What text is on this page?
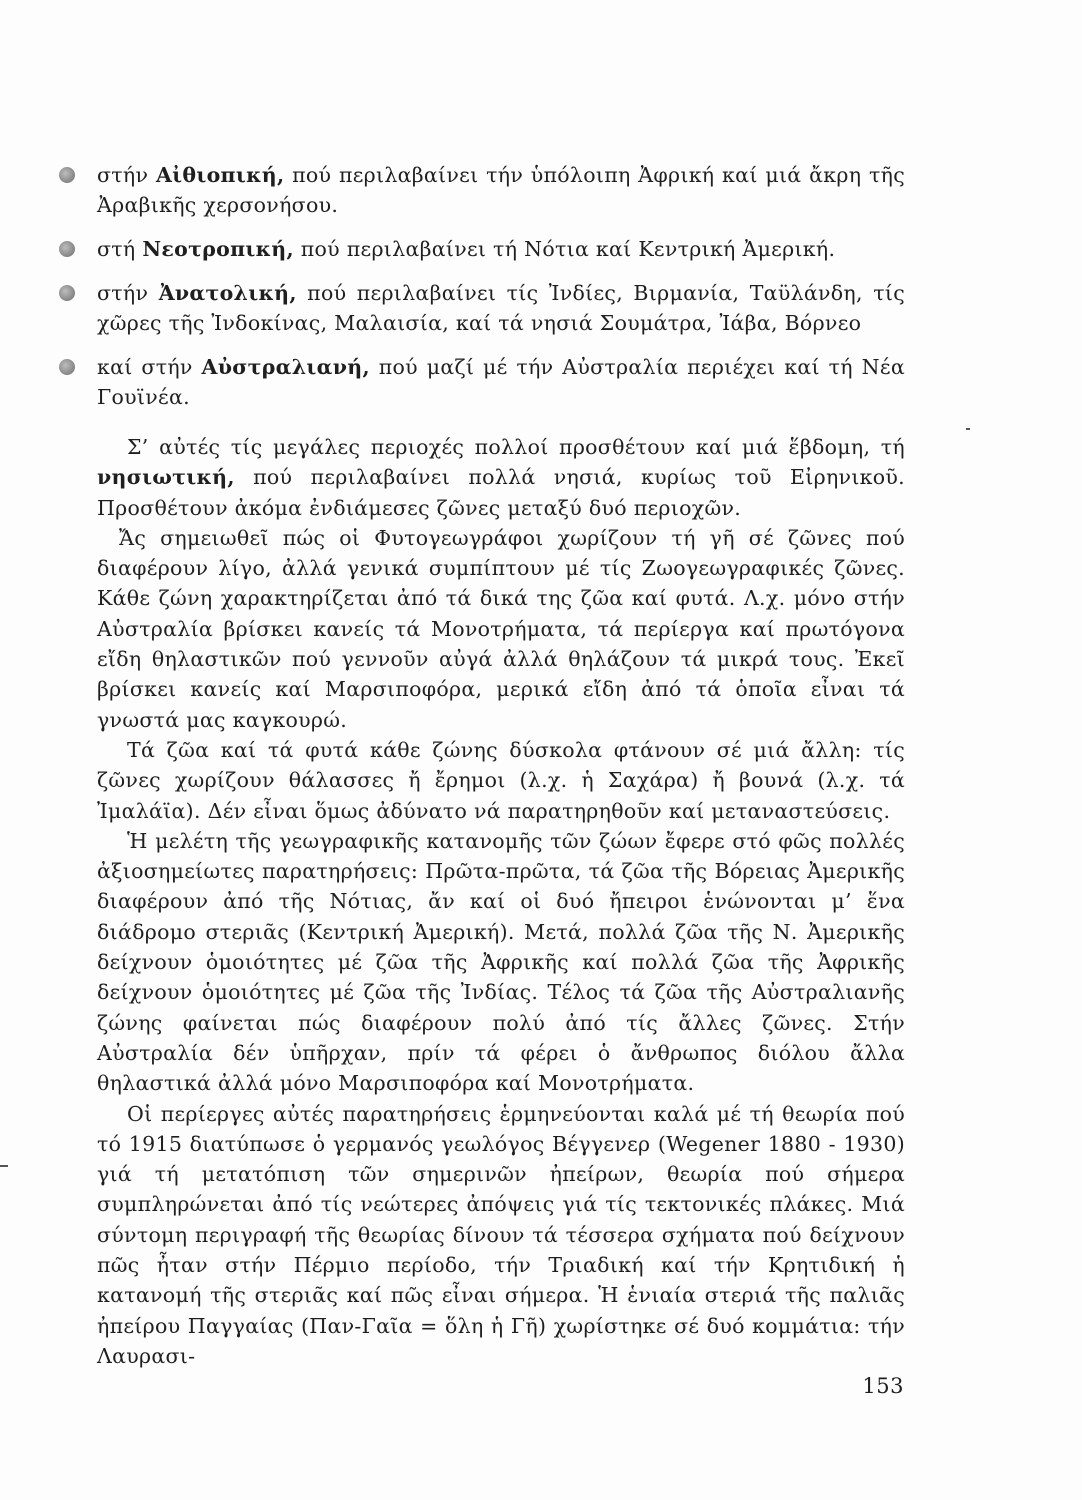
στήν Αἰθιοπική, πού περιλαβαίνει τήν ὑπόλοιπη Ἀφρική καί μιά ἄκρη τῆς Ἀραβικῆς χερσονήσου.

στή Νεοτροπική, πού περιλαβαίνει τή Νότια καί Κεντρική Ἀμερική.

στήν Ἀνατολική, πού περιλαβαίνει τίς Ἰνδίες, Βιρμανία, Ταϋλάνδη, τίς χῶρες τῆς Ἰνδοκίνας, Μαλαισία, καί τά νησιά Σουμάτρα, Ἰάβα, Βόρνεο

καί στήν Αὐστραλιανή, πού μαζί μέ τήν Αὐστραλία περιέχει καί τή Νέα Γουϊνέα.

Σ’ αὐτές τίς μεγάλες περιοχές πολλοί προσθέτουν καί μιά ἕβδομη, τή νησιωτική, πού περιλαβαίνει πολλά νησιά, κυρίως τοῦ Εἰρηνικοῦ. Προσθέτουν ἀκόμα ἐνδιάμεσες ζῶνες μεταξύ δυό περιοχῶν.

Ἄς σημειωθεῖ πώς οἱ Φυτογεωγράφοι χωρίζουν τή γῆ σέ ζῶνες πού διαφέρουν λίγο, ἀλλά γενικά συμπίπτουν μέ τίς Ζωογεωγραφικές ζῶνες. Κάθε ζώνη χαρακτηρίζεται ἀπό τά δικά της ζῶα καί φυτά. Λ.χ. μόνο στήν Αὐστραλία βρίσκει κανείς τά Μονοτρήματα, τά περίεργα καί πρωτόγονα εἴδη θηλαστικῶν πού γεννοῦν αὐγά ἀλλά θηλάζουν τά μικρά τους. Ἐκεῖ βρίσκει κανείς καί Μαρσιποφόρα, μερικά εἴδη ἀπό τά ὁποῖα εἶναι τά γνωστά μας καγκουρώ.

Τά ζῶα καί τά φυτά κάθε ζώνης δύσκολα φτάνουν σέ μιά ἄλλη: τίς ζῶνες χωρίζουν θάλασσες ἤ ἔρημοι (λ.χ. ἡ Σαχάρα) ἤ βουνά (λ.χ. τά Ἰμαλάϊα). Δέν εἶναι ὅμως ἀδύνατο νά παρατηρηθοῦν καί μεταναστεύσεις.

Ἡ μελέτη τῆς γεωγραφικῆς κατανομῆς τῶν ζώων ἔφερε στό φῶς πολλές ἀξιοσημείωτες παρατηρήσεις: Πρῶτα-πρῶτα, τά ζῶα τῆς Βόρειας Ἀμερικῆς διαφέρουν ἀπό τῆς Νότιας, ἄν καί οἱ δυό ἤπειροι ἑνώνονται μ’ ἕνα διάδρομο στεριᾶς (Κεντρική Ἀμερική). Μετά, πολλά ζῶα τῆς Ν. Ἀμερικῆς δείχνουν ὁμοιότητες μέ ζῶα τῆς Ἀφρικῆς καί πολλά ζῶα τῆς Ἀφρικῆς δείχνουν ὁμοιότητες μέ ζῶα τῆς Ἰνδίας. Τέλος τά ζῶα τῆς Αὐστραλιανῆς ζώνης φαίνεται πώς διαφέρουν πολύ ἀπό τίς ἄλλες ζῶνες. Στήν Αὐστραλία δέν ὑπῆρχαν, πρίν τά φέρει ὁ ἄνθρωπος διόλου ἄλλα θηλαστικά ἀλλά μόνο Μαρσιποφόρα καί Μονοτρήματα.

Οἱ περίεργες αὐτές παρατηρήσεις ἑρμηνεύονται καλά μέ τή θεωρία πού τό 1915 διατύπωσε ὁ γερμανός γεωλόγος Βέγγενερ (Wegener 1880 - 1930) γιά τή μετατόπιση τῶν σημερινῶν ἠπείρων, θεωρία πού σήμερα συμπληρώνεται ἀπό τίς νεώτερες ἀπόψεις γιά τίς τεκτονικές πλάκες. Μιά σύντομη περιγραφή τῆς θεωρίας δίνουν τά τέσσερα σχήματα πού δείχνουν πῶς ἦταν στήν Πέρμιο περίοδο, τήν Τριαδική καί τήν Κρητιδική ἡ κατανομή τῆς στεριᾶς καί πῶς εἶναι σήμερα. Ἡ ἑνιαία στεριά τῆς παλιᾶς ἠπείρου Παγγαίας (Παν-Γαῖα = ὅλη ἡ Γῆ) χωρίστηκε σέ δυό κομμάτια: τήν Λαυρασι-

153
